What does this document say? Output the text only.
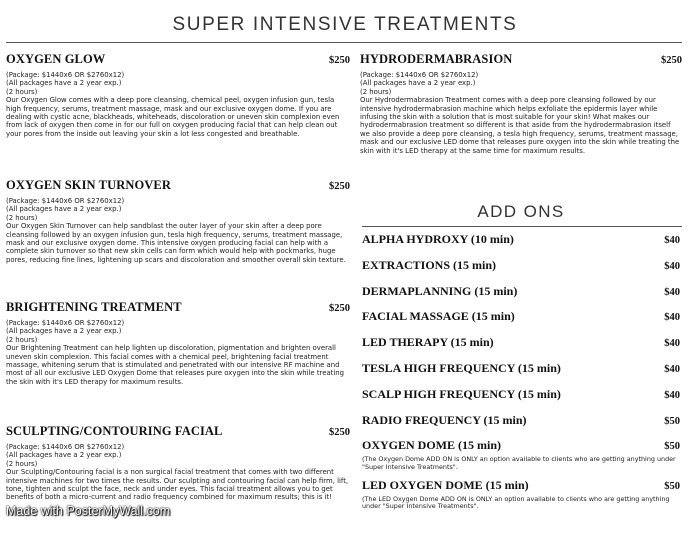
SUPER INTENSIVE TREATMENTS
OXYGEN GLOW	$250
(Package: $1440x6 OR $2760x12)
(All packages have a 2 year exp.)
(2 hours)
Our Oxygen Glow comes with a deep pore cleansing, chemical peel, oxygen infusion gun, tesla high frequency, serums, treatment massage, mask and our exclusive oxygen dome. If you are dealing with cystic acne, blackheads, whiteheads, discoloration or uneven skin complexion even from lack of oxygen then come in for our full on oxygen producing facial that can help clean out your pores from the inside out leaving your skin a lot less congested and breathable.
OXYGEN SKIN TURNOVER	$250
(Package: $1440x6 OR $2760x12)
(All packages have a 2 year exp.)
(2 hours)
Our Oxygen Skin Turnover can help sandblast the outer layer of your skin after a deep pore cleansing followed by an oxygen infusion gun, tesla high frequency, serums, treatment massage, mask and our exclusive oxygen dome. This intensive oxygen producing facial can help with a complete skin turnover so that new skin cells can form which would help with pockmarks, huge pores, reducing fine lines, lightening up scars and discoloration and smoother overall skin texture.
BRIGHTENING TREATMENT	$250
(Package: $1440x6 OR $2760x12)
(All packages have a 2 year exp.)
(2 hours)
Our Brightening Treatment can help lighten up discoloration, pigmentation and brighten overall uneven skin complexion. This facial comes with a chemical peel, brightening facial treatment massage, whitening serum that is stimulated and penetrated with our intensive RF machine and most of all our exclusive LED Oxygen Dome that releases pure oxygen into the skin while treating the skin with it's LED therapy for maximum results.
SCULPTING/CONTOURING FACIAL	$250
(Package: $1440x6 OR $2760x12)
(All packages have a 2 year exp.)
(2 hours)
Our Sculpting/Contouring facial is a non surgical facial treatment that comes with two different intensive machines for two times the results. Our sculpting and contouring facial can help firm, lift, tone, tighten and sculpt the face, neck and under eyes. This facial treatment allows you to get benefits of both a micro-current and radio frequency combined for maximum results; this is it!
HYDRODERMABRASION	$250
(Package: $1440x6 OR $2760x12)
(All packages have a 2 year exp.)
(2 hours)
Our Hydrodermabrasion Treatment comes with a deep pore cleansing followed by our intensive hydrodermabrasion machine which helps exfoliate the epidermis layer while infusing the skin with a solution that is most suitable for your skin! What makes our hydrodermabrasion treatment so different is that aside from the hydrodermabrasion itself we also provide a deep pore cleansing, a tesla high frequency, serums, treatment massage, mask and our exclusive LED dome that releases pure oxygen into the skin while treating the skin with it's LED therapy at the same time for maximum results.
ADD ONS
ALPHA HYDROXY (10 min)	$40
EXTRACTIONS (15 min)	$40
DERMAPLANNING (15 min)	$40
FACIAL MASSAGE (15 min)	$40
LED THERAPY (15 min)	$40
TESLA HIGH FREQUENCY (15 min)	$40
SCALP HIGH FREQUENCY (15 min)	$40
RADIO FREQUENCY (15 min)	$50
OXYGEN DOME (15 min)	$50
(The Oxygen Dome ADD ON is ONLY an option available to clients who are getting anything under "Super Intensive Treatments".
LED OXYGEN DOME (15 min)	$50
(The LED Oxygen Dome ADD ON is ONLY an option available to clients who are getting anything under "Super Intensive Treatments".
Made with PosterMyWall.com
